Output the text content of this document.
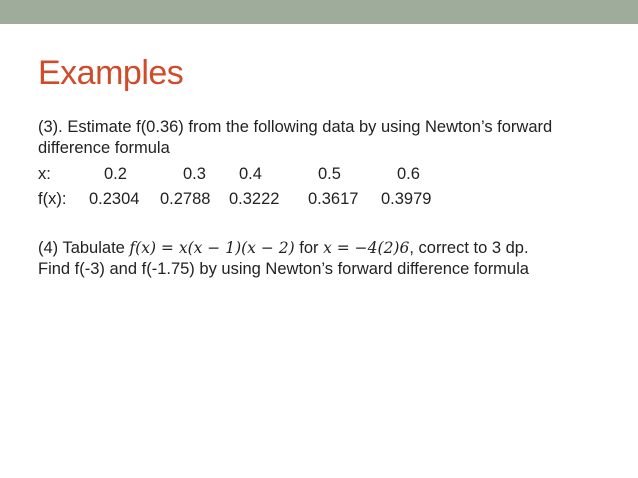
Examples
(3). Estimate f(0.36) from the following data by using Newton’s forward
difference formula
x:	0.2	0.3 0.4	0.5	0.6
f(x): 0.2304 0.2788 0.3222 0.3617 0.3979
(4) Tabulate f(x) = x(x − 1)(x − 2) for x = −4(2)6, correct to 3 dp.
Find f(-3) and f(-1.75) by using Newton’s forward difference formula
